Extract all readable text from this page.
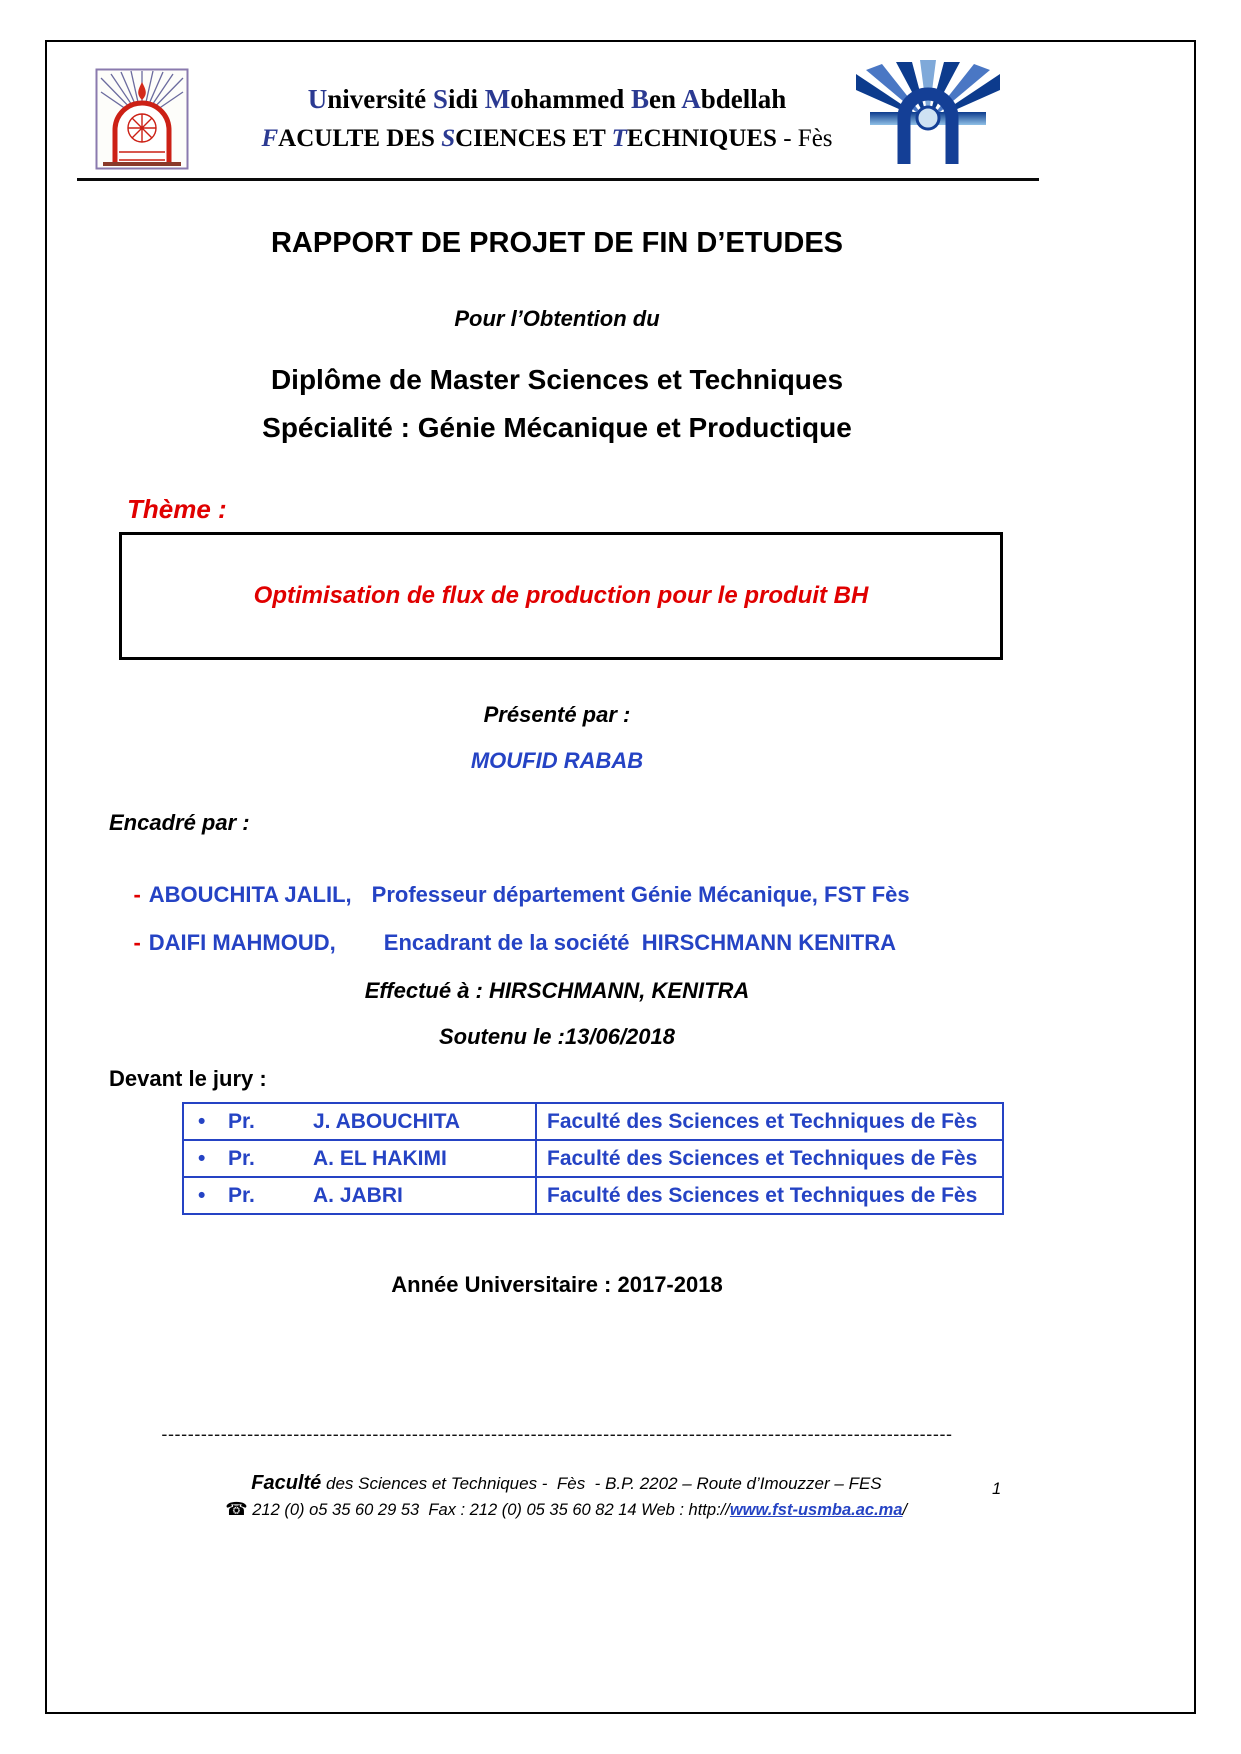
Université Sidi Mohammed Ben Abdellah
FACULTE DES SCIENCES ET TECHNIQUES - Fès
RAPPORT DE PROJET DE FIN D’ETUDES
Pour l’Obtention du
Diplôme de Master Sciences et Techniques
Spécialité : Génie Mécanique et Productique
Thème :
Optimisation de flux de production pour le produit BH
Présenté par :
MOUFID RABAB
Encadré par :

- ABOUCHITA JALIL, Professeur département Génie Mécanique, FST Fès

- DAIFI MAHMOUD, Encadrant de la société  HIRSCHMANN KENITRA

Effectué à : HIRSCHMANN, KENITRA
Soutenu le :13/06/2018
Devant le jury :
• Pr. J. ABOUCHITA	Faculté des Sciences et Techniques de Fès
• Pr. A. EL HAKIMI	Faculté des Sciences et Techniques de Fès
• Pr. A. JABRI	Faculté des Sciences et Techniques de Fès
Année Universitaire : 2017-2018
------------------------------------------------------------------------------------------------------------------------

Faculté des Sciences et Techniques -  Fès  - B.P. 2202 – Route d’Imouzzer – FES

☎ 212 (0) o5 35 60 29 53  Fax : 212 (0) 05 35 60 82 14 Web : http://www.fst-usmba.ac.ma/

1
